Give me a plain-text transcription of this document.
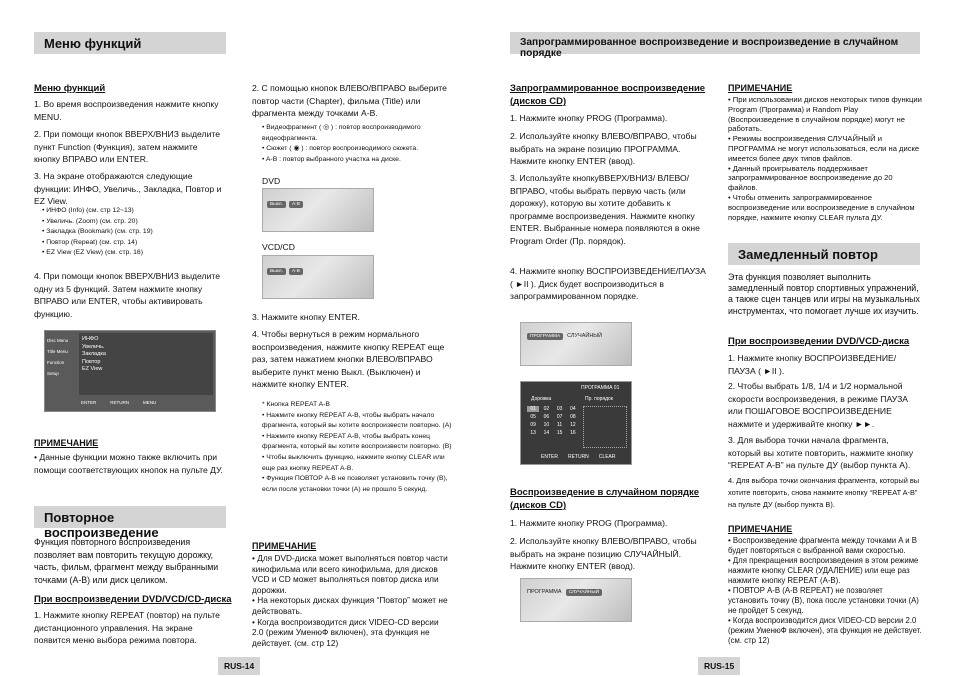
Меню функций
Меню функций
1. Во время воспроизведения нажмите кнопку MENU.
2. При помощи кнопок ВВЕРХ/ВНИЗ выделите пункт Function (Функция), затем нажмите кнопку ВПРАВО или ENTER.
3. На экране отображаются следующие функции: ИНФО, Увеличь., Закладка, Повтор и EZ View.
• ИНФО (Info) (см. стр 12~13)
• Увеличь. (Zoom) (см. стр. 20)
• Закладка (Bookmark) (см. стр. 19)
• Повтор (Repeat) (см. стр. 14)
• EZ View (EZ View) (см. стр. 16)
4. При помощи кнопок ВВЕРХ/ВНИЗ выделите одну из 5 функций. Затем нажмите кнопку ВПРАВО или ENTER, чтобы активировать функцию.
Disc Menu
Title Menu
Function
Setup
ИНФО
Увеличь.
Закладка
Повтор
EZ View
ENTER	RETURN	MENU
ПРИМЕЧАНИЕ
• Данные функции можно также включить при помощи соответствующих кнопок на пульте ДУ.
Повторное воспроизведение
Функция повторного воспроизведения позволяет вам повторить текущую дорожку, часть, фильм, фрагмент между выбранными точками (A-B) или диск целиком.
При воспроизведении DVD/VCD/CD-диска
1. Нажмите кнопку REPEAT (повтор) на пульте дистанционного управления. На экране появится меню выбора режима повтора.
2. С помощью кнопок ВЛЕВО/ВПРАВО выберите повтор части (Chapter), фильма (Title) или фрагмента между точками A-B.
• Видеофрагмент ( ◎ ) : повтор воспроизводимого видеофрагмента.
• Сюжет ( ◉ ) : повтор воспроизводимого сюжета.
• A-B : повтор выбранного участка на диске.
DVD
Выкл.	A-B
VCD/CD
Выкл.	A-B
3. Нажмите кнопку ENTER.
4. Чтобы вернуться в режим нормального воспроизведения, нажмите кнопку REPEAT еще раз, затем нажатием кнопки ВЛЕВО/ВПРАВО выберите пункт меню Выкл. (Выключен) и нажмите кнопку ENTER.
* Кнопка REPEAT A-B
• Нажмите кнопку REPEAT A-B, чтобы выбрать начало фрагмента, который вы хотите воспроизвести повторно. (A)
• Нажмите кнопку REPEAT A-B, чтобы выбрать конец фрагмента, который вы хотите воспроизвести повторно. (B)
• Чтобы выключить функцию, нажмите кнопку CLEAR или еще раз кнопку REPEAT A-B.
• Функция ПОВТОР A-B не позволяет установить точку (B), если после установки точки (A) не прошло 5 секунд.
ПРИМЕЧАНИЕ
• Для DVD-диска может выполняться повтор части кинофильма или всего кинофильма, для дисков VCD и CD может выполняться повтор диска или дорожки.
• На некоторых дисках функция “Повтор” может не действовать.
• Когда воспроизводится диск VIDEO-CD версии 2.0 (режим УменюФ включен), эта функция не действует. (см. стр 12)
RUS-14
Запрограммированное воспроизведение и воспроизведение в случайном порядке
Запрограммированное воспроизведение (дисков CD)
1. Нажмите кнопку PROG (Программа).
2. Используйте кнопку ВЛЕВО/ВПРАВО, чтобы выбрать на экране позицию ПРОГРАММА. Нажмите кнопку ENTER (ввод).
3. Используйте кнопкуВВЕРХ/ВНИЗ/ ВЛЕВО/ВПРАВО, чтобы выбрать первую часть (или дорожку), которую вы хотите добавить к программе воспроизведения. Нажмите кнопку ENTER. Выбранные номера появляются в окне Program Order (Пр. порядок).
4. Нажмите кнопку ВОСПРОИЗВЕДЕНИЕ/ПАУЗА ( ►II ). Диск будет воспроизводиться в запрограммированном порядке.
ПРОГРАММА	СЛУЧАЙНЫЙ
ПРОГРАММА 01
Дорожка	Пр. порядок
01	02	03	04
05	06	07	08
09	10	11	12
13	14	15	16
ENTER RETURN CLEAR
Воспроизведение в случайном порядке (дисков CD)
1. Нажмите кнопку PROG (Программа).
2. Используйте кнопку ВЛЕВО/ВПРАВО, чтобы выбрать на экране позицию СЛУЧАЙНЫЙ. Нажмите кнопку ENTER (ввод).
ПРОГРАММА	СЛУЧАЙНЫЙ
ПРИМЕЧАНИЕ
• При использовании дисков некоторых типов функции Program (Программа) и Random Play (Воспроизведение в случайном порядке) могут не работать.
• Режимы воспроизведения СЛУЧАЙНЫЙ и ПРОГРАММА не могут использоваться, если на диске имеется более двух типов файлов.
• Данный проигрыватель поддерживает запрограммированное воспроизведение до 20 файлов.
• Чтобы отменить запрограммированное воспроизведение или воспроизведение в случайном порядке, нажмите кнопку CLEAR пульта ДУ.
Замедленный повтор
Эта функция позволяет выполнить замедленный повтор спортивных упражнений, а также сцен танцев или игры на музыкальных инструментах, что помогает лучше их изучить.
При воспроизведении DVD/VCD-диска
1. Нажмите кнопку ВОСПРОИЗВЕДЕНИЕ/ПАУЗА ( ►II ).
2. Чтобы выбрать 1/8, 1/4 и 1/2 нормальной скорости воспроизведения, в режиме ПАУЗА или ПОШАГОВОЕ ВОСПРОИЗВЕДЕНИЕ нажмите и удерживайте кнопку ►►.
3. Для выбора точки начала фрагмента, который вы хотите повторить, нажмите кнопку “REPEAT A-B” на пульте ДУ (выбор пункта A).
4. Для выбора точки окончания фрагмента, который вы хотите повторить, снова нажмите кнопку “REPEAT A-B” на пульте ДУ (выбор пункта B).
ПРИМЕЧАНИЕ
• Воспроизведение фрагмента между точками A и B будет повторяться с выбранной вами скоростью.
• Для прекращения воспроизведения в этом режиме нажмите кнопку CLEAR (УДАЛЕНИЕ) или еще раз нажмите кнопку REPEAT (A-B).
• ПОВТОР A-B (A-B REPEAT) не позволяет установить точку (B), пока после установки точки (A) не пройдет 5 секунд.
• Когда воспроизводится диск VIDEO-CD версии 2.0 (режим УменюФ включен), эта функция не действует. (см. стр 12)
RUS-15
